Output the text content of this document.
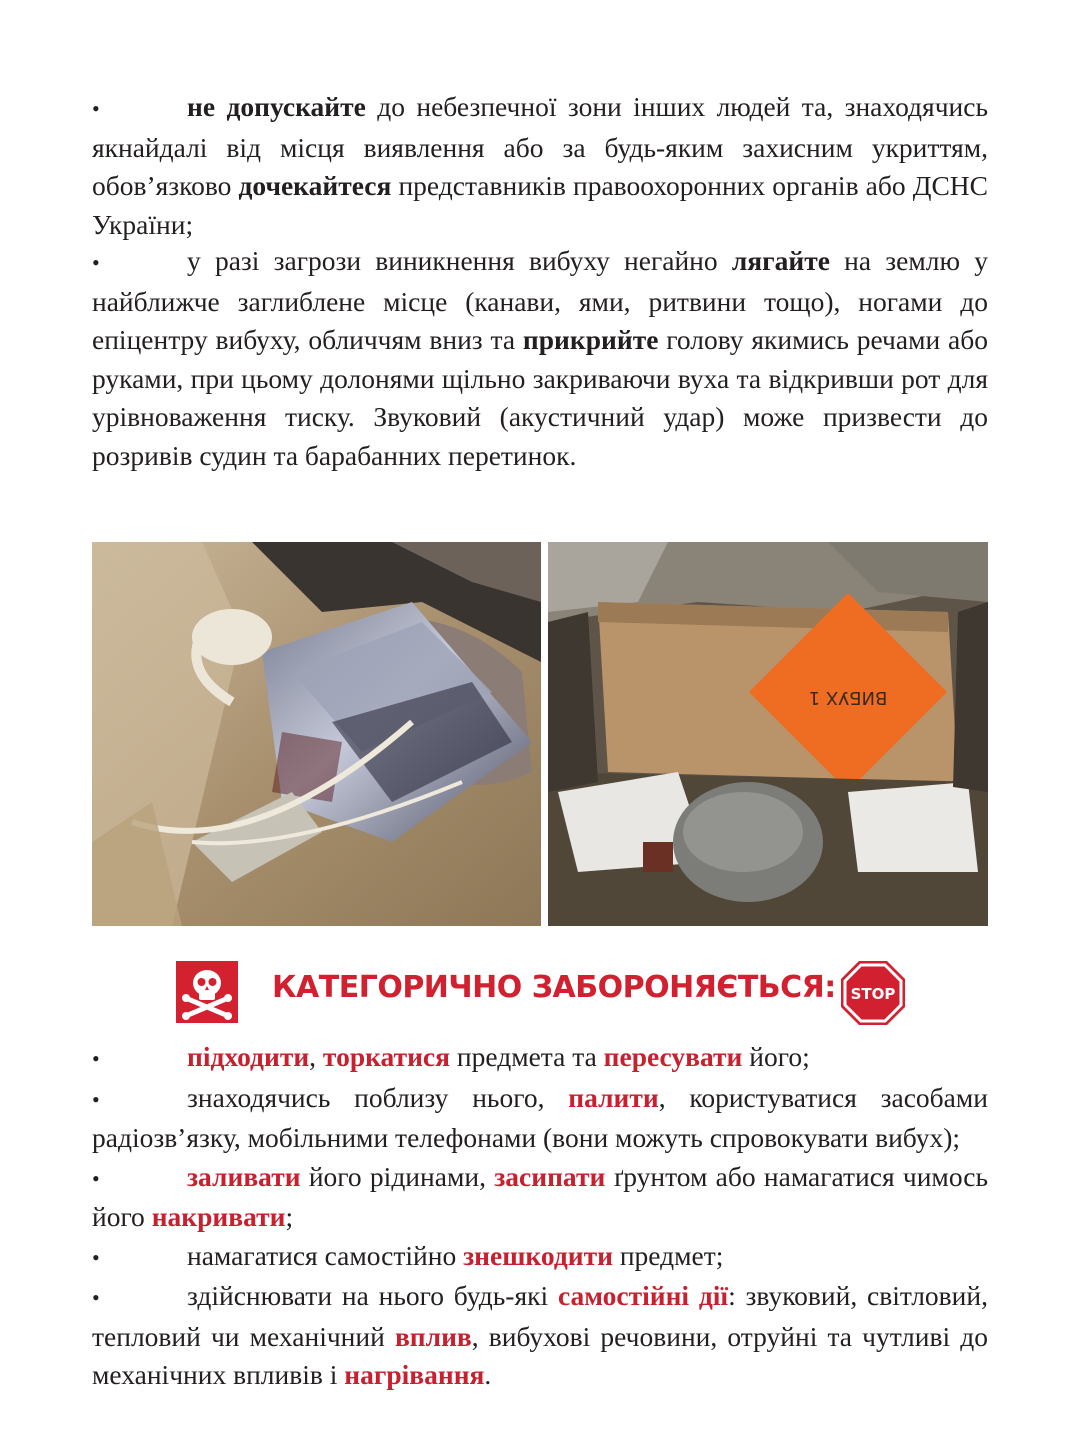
•	не допускайте до небезпечної зони інших людей та, знаходячись якнайдалі від місця виявлення або за будь-яким захисним укриттям, обов’язково дочекайтеся представників правоохоронних органів або ДСНС України;
•	у разі загрози виникнення вибуху негайно лягайте на землю у найближче заглиблене місце (канави, ями, ритвини тощо), ногами до епіцентру вибуху, обличчям вниз та прикрийте голову якимись речами або руками, при цьому долонями щільно закриваючи вуха та відкривши рот для урівноваження тиску. Звуковий (акустичний удар) може призвести до розривів судин та барабанних перетинок.
ВИБУХ 1
КАТЕГОРИЧНО ЗАБОРОНЯЄТЬСЯ: STOP
•	підходити, торкатися предмета та пересувати його;
•	знаходячись поблизу нього, палити, користуватися засобами радіозв’язку, мобільними телефонами (вони можуть спровокувати вибух);
•	заливати його рідинами, засипати ґрунтом або намагатися чимось його накривати;
•	намагатися самостійно знешкодити предмет;
•	здійснювати на нього будь-які самостійні дії: звуковий, світловий, тепловий чи механічний вплив, вибухові речовини, отруйні та чутливі до механічних впливів і нагрівання.
